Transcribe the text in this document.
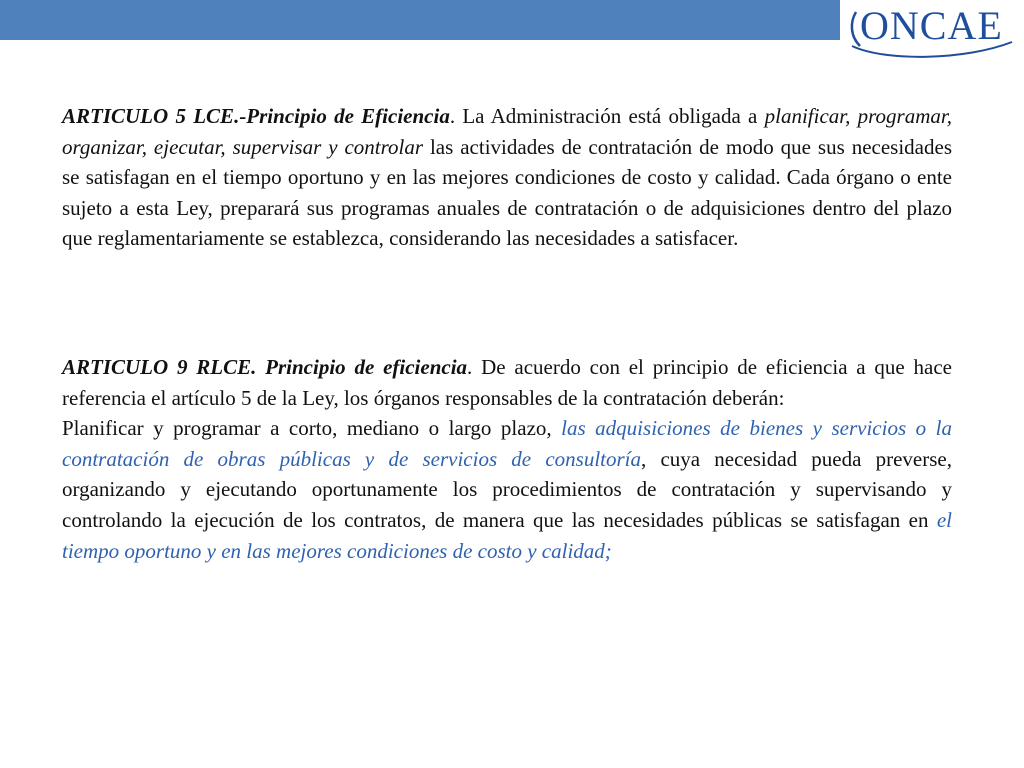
ONCAE

ARTICULO 5 LCE.-Principio de Eficiencia. La Administración está obligada a planificar, programar, organizar, ejecutar, supervisar y controlar las actividades de contratación de modo que sus necesidades se satisfagan en el tiempo oportuno y en las mejores condiciones de costo y calidad. Cada órgano o ente sujeto a esta Ley, preparará sus programas anuales de contratación o de adquisiciones dentro del plazo que reglamentariamente se establezca, considerando las necesidades a satisfacer.

ARTICULO 9 RLCE. Principio de eficiencia. De acuerdo con el principio de eficiencia a que hace referencia el artículo 5 de la Ley, los órganos responsables de la contratación deberán:
Planificar y programar a corto, mediano o largo plazo, las adquisiciones de bienes y servicios o la contratación de obras públicas y de servicios de consultoría, cuya necesidad pueda preverse, organizando y ejecutando oportunamente los procedimientos de contratación y supervisando y controlando la ejecución de los contratos, de manera que las necesidades públicas se satisfagan en el tiempo oportuno y en las mejores condiciones de costo y calidad;
